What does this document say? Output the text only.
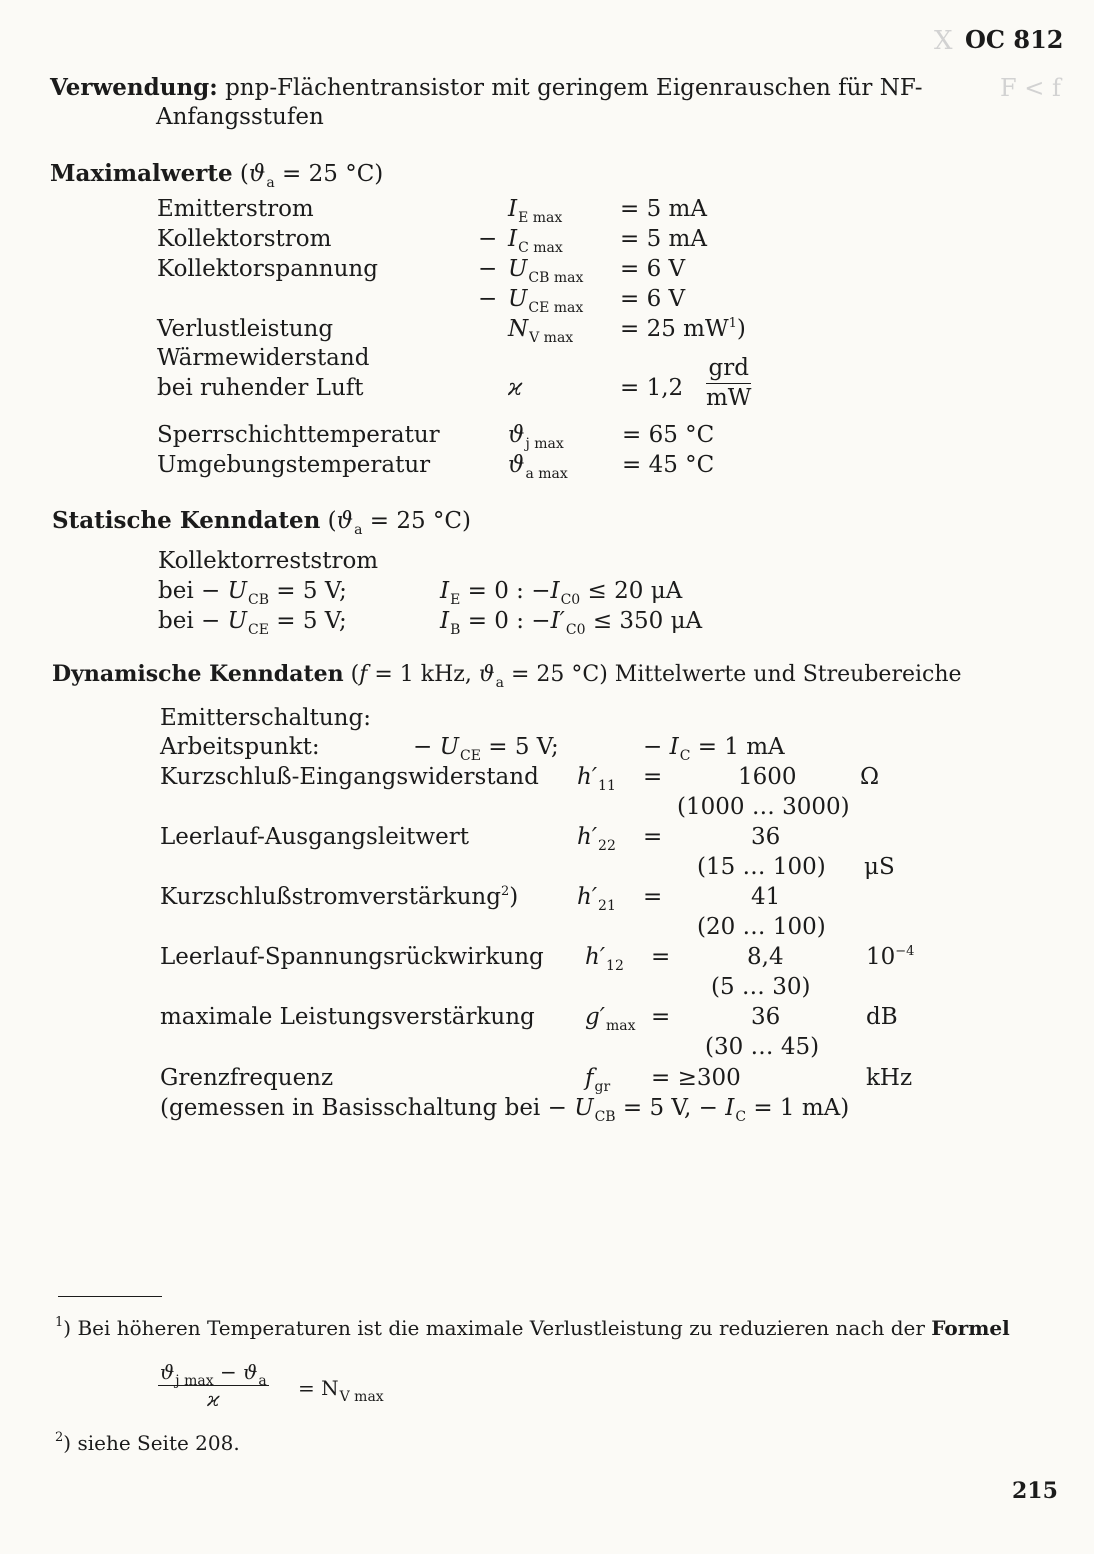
X OC 812
F < f
Verwendung: pnp-Flächentransistor mit geringem Eigenrauschen für NF-
Anfangsstufen
Maximalwerte ($ϑ_a = 25$ °C)
Emitterstrom	$I_{E max}$	= 5 mA
Kollektorstrom	− $I_{C max} = 5$ mA
Kollektorspannung	− $U_{CB max} = 6$ V
− $U_{CE max} = 6$ V
Verlustleistung	$N_{V max} = 25$ $mW^1$)
Wärmewiderstand
bei ruhender Luft	ϰ	= 1,2
grd
mW
Sperrschichttemperatur	$ϑ_{j max}$	= 65 °C
Umgebungstemperatur	$ϑ_{a max} = 45$ °C
Statische Kenndaten ($ϑ_a = 25$ °C)
Kollektorreststrom
bei − $U_{CB} = 5$ V;	$I_E = 0$ : $-I_{C0} \le 20$ μA
bei − $U_{CE} = 5$ V;	$I_B = 0$ : $-I'_{C0} \le 350$ μA
Dynamische Kenndaten (f = 1 kHz, $ϑ_a = 25$ °C) Mittelwerte und Streubereiche
Emitterschaltung:
Arbeitspunkt:	− $U_{CE} = 5$ V;	− $I_C = 1$ mA
Kurzschluß-Eingangswiderstand $h'_{11}$ =	1600	Ω
(1000 … 3000)
Leerlauf-Ausgangsleitwert	$h'_{22}$ =	36
(15 … 100) μS
Kurzschlußstromverstärkung$^2$)	$h'_{21}$ =	41
(20 … 100)
Leerlauf-Spannungsrückwirkung $h'_{12}$ =	8,4	$10^{-4}$
(5 … 30)
maximale Leistungsverstärkung $g'_{max}$ =	36	dB
(30 … 45)
Grenzfrequenz	$f_{gr} = \ge 300$	kHz
(gemessen in Basisschaltung bei − $U_{CB} = 5$ V, − $I_C = 1$ mA)
$^1$) Bei höheren Temperaturen ist die maximale Verlustleistung zu reduzieren nach der Formel
$ϑ_{j max} - ϑ_a$
ϰ	= $N_{V max}$
$^2$) siehe Seite 208.
215
